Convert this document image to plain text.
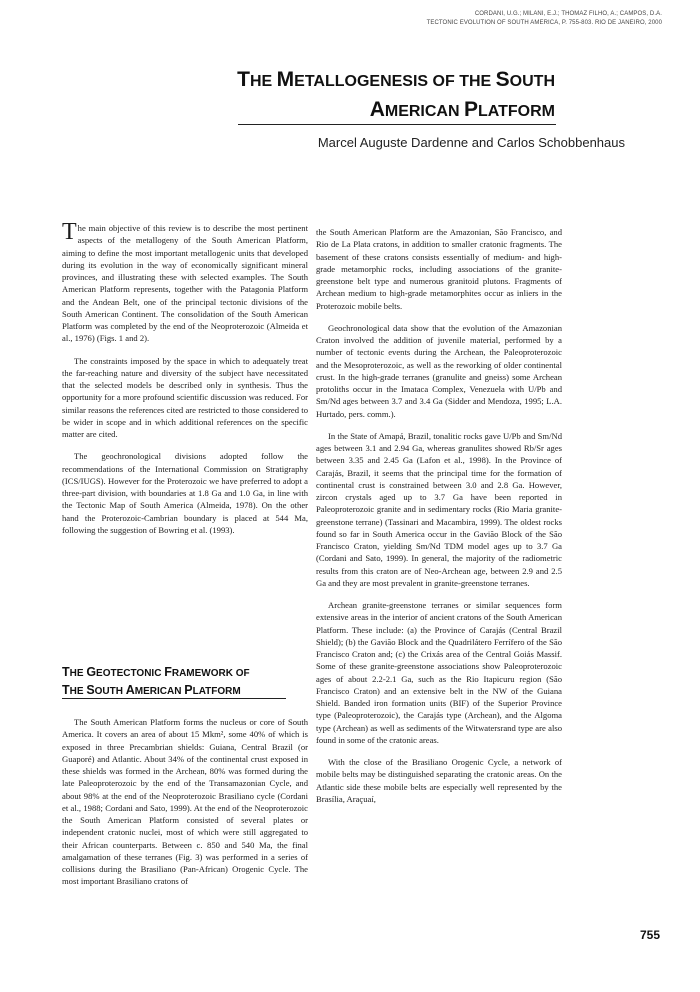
CORDANI, U.G.; MILANI, E.J.; THOMAZ FILHO, A.; CAMPOS, D.A.
TECTONIC EVOLUTION OF SOUTH AMERICA, P. 755-803. RIO DE JANEIRO, 2000
THE METALLOGENESIS OF THE SOUTH
AMERICAN PLATFORM
Marcel Auguste Dardenne and Carlos Schobbenhaus

The main objective of this review is to describe the most pertinent aspects of the metallogeny of the South American Platform, aiming to define the most important metallogenic units that developed during its evolution in the way of economically significant mineral provinces, and illustrating these with selected examples. The South American Platform represents, together with the Patagonia Platform and the Andean Belt, one of the principal tectonic divisions of the South American Continent. The consolidation of the South American Platform was completed by the end of the Neoproterozoic (Almeida et al., 1976) (Figs. 1 and 2).

The constraints imposed by the space in which to adequately treat the far-reaching nature and diversity of the subject have necessitated that the selected models be described only in synthesis. Thus the opportunity for a more profound scientific discussion was reduced. For similar reasons the references cited are restricted to those considered to be wider in scope and in which additional references on the specific matter are cited.

The geochronological divisions adopted follow the recommendations of the International Commission on Stratigraphy (ICS/IUGS). However for the Proterozoic we have preferred to adopt a three-part division, with boundaries at 1.8 Ga and 1.0 Ga, in line with the Tectonic Map of South America (Almeida, 1978). On the other hand the Proterozoic-Cambrian boundary is placed at 544 Ma, following the suggestion of Bowring et al. (1993).

THE GEOTECTONIC FRAMEWORK OF
THE SOUTH AMERICAN PLATFORM

The South American Platform forms the nucleus or core of South America. It covers an area of about 15 Mkm², some 40% of which is exposed in three Precambrian shields: Guiana, Central Brazil (or Guaporé) and Atlantic. About 34% of the continental crust exposed in these shields was formed in the Archean, 80% was formed during the late Paleoproterozoic by the end of the Transamazonian Cycle, and about 98% at the end of the Neoproterozoic Brasiliano cycle (Cordani et al., 1988; Cordani and Sato, 1999). At the end of the Neoproterozoic the South American Platform consisted of several plates or independent cratonic nuclei, most of which were still aggregated to their African counterparts. Between c. 850 and 540 Ma, the final amalgamation of these terranes (Fig. 3) was performed in a series of collisions during the Brasiliano (Pan-African) Orogenic Cycle. The most important Brasiliano cratons of

the South American Platform are the Amazonian, São Francisco, and Rio de La Plata cratons, in addition to smaller cratonic fragments. The basement of these cratons consists essentially of medium- and high-grade metamorphic rocks, including associations of the granite-greenstone belt type and numerous granitoid plutons. Fragments of Archean medium to high-grade metamorphites occur as inliers in the Proterozoic mobile belts.

Geochronological data show that the evolution of the Amazonian Craton involved the addition of juvenile material, performed by a number of tectonic events during the Archean, the Paleoproterozoic and the Mesoproterozoic, as well as the reworking of older continental crust. In the high-grade terranes (granulite and gneiss) some Archean protoliths occur in the Imataca Complex, Venezuela with U/Pb and Sm/Nd ages between 3.7 and 3.4 Ga (Sidder and Mendoza, 1995; L.A. Hurtado, pers. comm.).

In the State of Amapá, Brazil, tonalitic rocks gave U/Pb and Sm/Nd ages between 3.1 and 2.94 Ga, whereas granulites showed Rb/Sr ages between 3.35 and 2.45 Ga (Lafon et al., 1998). In the Province of Carajás, Brazil, it seems that the principal time for the formation of continental crust is constrained between 3.0 and 2.8 Ga. However, zircon crystals aged up to 3.7 Ga have been reported in Paleoproterozoic granite and in sedimentary rocks (Rio Maria granite-greenstone terrane) (Tassinari and Macambira, 1999). The oldest rocks found so far in South America occur in the Gavião Block of the São Francisco Craton, yielding Sm/Nd TDM model ages up to 3.7 Ga (Cordani and Sato, 1999). In general, the majority of the radiometric results from this craton are of Neo-Archean age, between 2.9 and 2.5 Ga and they are most prevalent in granite-greenstone terranes.

Archean granite-greenstone terranes or similar sequences form extensive areas in the interior of ancient cratons of the South American Platform. These include: (a) the Province of Carajás (Central Brazil Shield); (b) the Gavião Block and the Quadrilátero Ferrífero of the São Francisco Craton and; (c) the Crixás area of the Central Goiás Massif. Some of these granite-greenstone associations show Paleoproterozoic ages of about 2.2-2.1 Ga, such as the Rio Itapicuru region (São Francisco Craton) and an extensive belt in the NW of the Guiana Shield. Banded iron formation units (BIF) of the Superior Province type (Paleoproterozoic), the Carajás type (Archean), and the Algoma type (Archean) as well as sediments of the Witwatersrand type are also found in some of the cratonic areas.

With the close of the Brasiliano Orogenic Cycle, a network of mobile belts may be distinguished separating the cratonic areas. On the Atlantic side these mobile belts are especially well represented by the Brasília, Araçuaí,

755
